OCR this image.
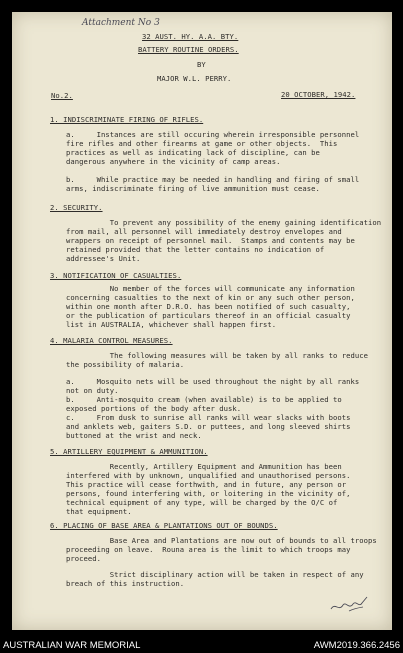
Attachment No 3
32 AUST. HY. A.A. BTY.
BATTERY ROUTINE ORDERS.
BY
MAJOR W.L. PERRY.
No.2.	20 OCTOBER, 1942.
1. INDISCRIMINATE FIRING OF RIFLES.
a.     Instances are still occuring wherein irresponsible personnel
fire rifles and other firearms at game or other objects.  This
practices as well as indicating lack of discipline, can be
dangerous anywhere in the vicinity of camp areas.
b.     While practice may be needed in handling and firing of small
arms, indiscriminate firing of live ammunition must cease.
2. SECURITY.
To prevent any possibility of the enemy gaining identification
from mail, all personnel will immediately destroy envelopes and
wrappers on receipt of personnel mail.  Stamps and contents may be
retained provided that the letter contains no indication of
addressee's Unit.
3. NOTIFICATION OF CASUALTIES.
No member of the forces will communicate any information
concerning casualties to the next of kin or any such other person,
within one month after D.R.O. has been notified of such casualty,
or the publication of particulars thereof in an official casualty
list in AUSTRALIA, whichever shall happen first.
4. MALARIA CONTROL MEASURES.
The following measures will be taken by all ranks to reduce
the possibility of malaria.
a.     Mosquito nets will be used throughout the night by all ranks
not on duty.
b.     Anti-mosquito cream (when available) is to be applied to
exposed portions of the body after dusk.
c.     From dusk to sunrise all ranks will wear slacks with boots
and anklets web, gaiters S.D. or puttees, and long sleeved shirts
buttoned at the wrist and neck.
5. ARTILLERY EQUIPMENT & AMMUNITION.
Recently, Artillery Equipment and Ammunition has been
interfered with by unknown, unqualified and unauthorised persons.
This practice will cease forthwith, and in future, any person or
persons, found interfering with, or loitering in the vicinity of,
technical equipment of any type, will be charged by the O/C of
that equipment.
6. PLACING OF BASE AREA & PLANTATIONS OUT OF BOUNDS.
Base Area and Plantations are now out of bounds to all troops
proceeding on leave.  Rouna area is the limit to which troops may
proceed.
Strict disciplinary action will be taken in respect of any
breach of this instruction.
AUSTRALIAN WAR MEMORIAL	AWM2019.366.2456
